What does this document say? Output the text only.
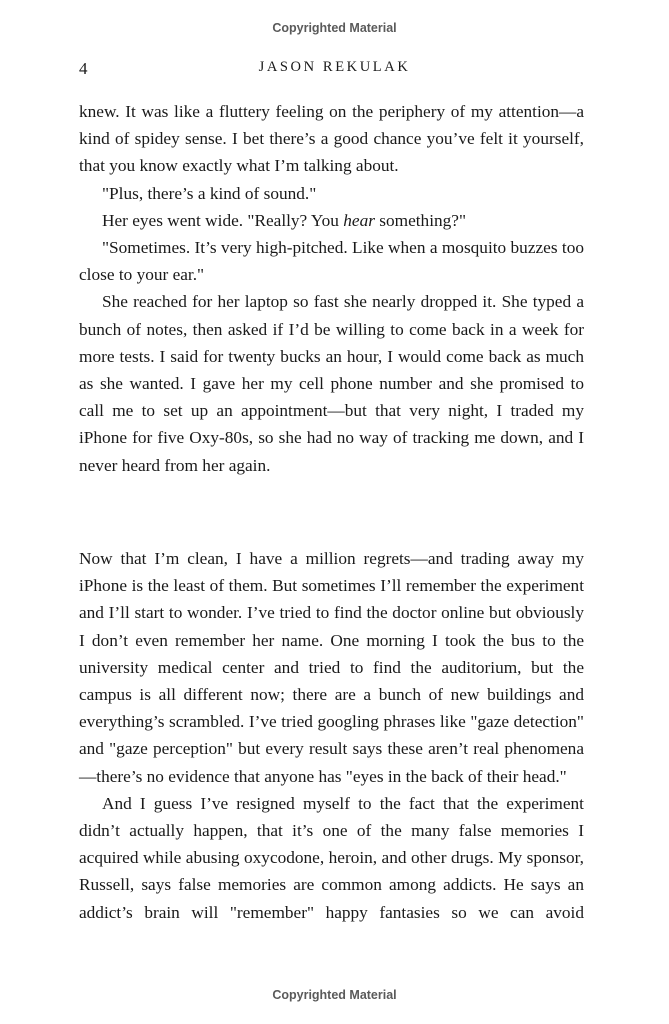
Copyrighted Material
4	JASON REKULAK

knew. It was like a fluttery feeling on the periphery of my attention—a kind of spidey sense. I bet there’s a good chance you’ve felt it yourself, that you know exactly what I’m talking about.

"Plus, there’s a kind of sound."

Her eyes went wide. "Really? You hear something?"

"Sometimes. It’s very high-pitched. Like when a mosquito buzzes too close to your ear."

She reached for her laptop so fast she nearly dropped it. She typed a bunch of notes, then asked if I’d be willing to come back in a week for more tests. I said for twenty bucks an hour, I would come back as much as she wanted. I gave her my cell phone number and she promised to call me to set up an appointment—but that very night, I traded my iPhone for five Oxy-80s, so she had no way of tracking me down, and I never heard from her again.

Now that I’m clean, I have a million regrets—and trading away my iPhone is the least of them. But sometimes I’ll remember the experiment and I’ll start to wonder. I’ve tried to find the doctor online but obviously I don’t even remember her name. One morning I took the bus to the university medical center and tried to find the auditorium, but the campus is all different now; there are a bunch of new buildings and everything’s scrambled. I’ve tried googling phrases like "gaze detection" and "gaze perception" but every result says these aren’t real phenomena—there’s no evidence that anyone has "eyes in the back of their head."

And I guess I’ve resigned myself to the fact that the experiment didn’t actually happen, that it’s one of the many false memories I acquired while abusing oxycodone, heroin, and other drugs. My sponsor, Russell, says false memories are common among addicts. He says an addict’s brain will "remember" happy fantasies so we can avoid

Copyrighted Material
